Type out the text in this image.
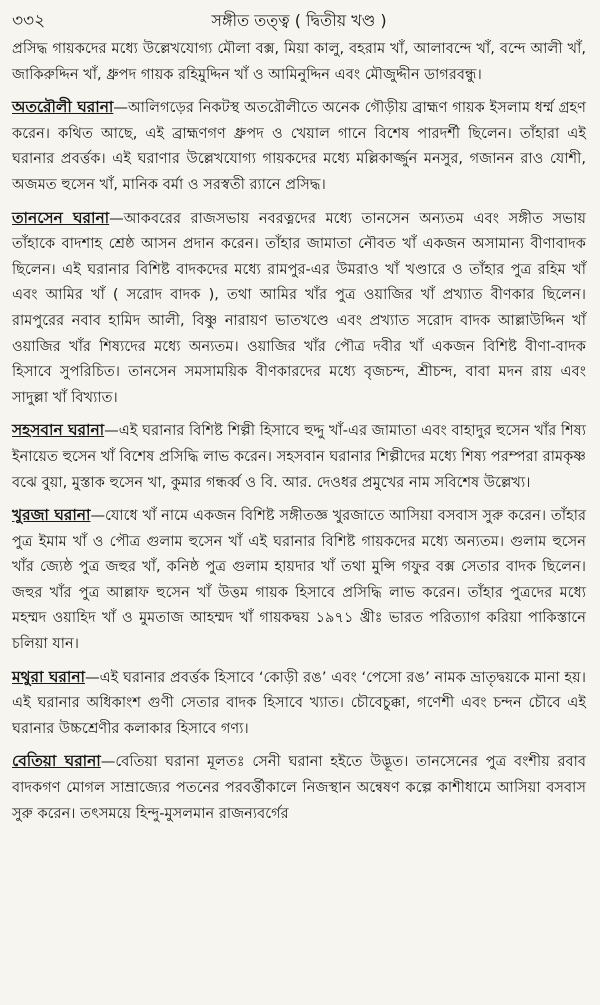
৩৩২	সঙ্গীত তত্ত্ব ( দ্বিতীয় খণ্ড )

প্রসিদ্ধ গায়কদের মধ্যে উল্লেখযোগ্য মৌলা বক্স, মিয়া কালু, বহরাম খাঁ, আলাবন্দে খাঁ, বন্দে আলী খাঁ, জাকিরুদ্দিন খাঁ, ধ্রুপদ গায়ক রহিমুদ্দিন খাঁ ও আমিনুদ্দিন এবং মৌজুদ্দীন ডাগরবন্ধু।

অতরৌলী ঘরানা—আলিগড়ের নিকটস্থ অতরৌলীতে অনেক গৌড়ীয় ব্রাহ্মণ গায়ক ইসলাম ধর্ম্ম গ্রহণ করেন। কথিত আছে, এই ব্রাহ্মণগণ ধ্রুপদ ও খেয়াল গানে বিশেষ পারদর্শী ছিলেন। তাঁহারা এই ঘরানার প্রবর্ত্তক। এই ঘরাণার উল্লেখযোগ্য গায়কদের মধ্যে মল্লিকার্জ্জুন মনসুর, গজানন রাও যোশী, অজমত হুসেন খাঁ, মানিক বর্মা ও সরস্বতী র‍্যানে প্রসিদ্ধ।

তানসেন ঘরানা—আকবরের রাজসভায় নবরত্নদের মধ্যে তানসেন অন্যতম এবং সঙ্গীত সভায় তাঁহাকে বাদশাহ শ্রেষ্ঠ আসন প্রদান করেন। তাঁহার জামাতা নৌবত খাঁ একজন অসামান্য বীণাবাদক ছিলেন। এই ঘরানার বিশিষ্ট বাদকদের মধ্যে রামপুর-এর উমরাও খাঁ খণ্ডারে ও তাঁহার পুত্র রহিম খাঁ এবং আমির খাঁ ( সরোদ বাদক ), তথা আমির খাঁর পুত্র ওয়াজির খাঁ প্রখ্যাত বীণকার ছিলেন। রামপুরের নবাব হামিদ আলী, বিষ্ণু নারায়ণ ভাতখণ্ডে এবং প্রখ্যাত সরোদ বাদক আল্লাউদ্দিন খাঁ ওয়াজির খাঁর শিষ্যদের মধ্যে অন্যতম। ওয়াজির খাঁর পৌত্র দবীর খাঁ একজন বিশিষ্ট বীণা-বাদক হিসাবে সুপরিচিত। তানসেন সমসাময়িক বীণকারদের মধ্যে বৃজচন্দ, শ্রীচন্দ, বাবা মদন রায় এবং সাদুল্লা খাঁ বিখ্যাত।

সহসবান ঘরানা—এই ঘরানার বিশিষ্ট শিল্পী হিসাবে হুদ্দু খাঁ-এর জামাতা এবং বাহাদুর হুসেন খাঁর শিষ্য ইনায়েত হুসেন খাঁ বিশেষ প্রসিদ্ধি লাভ করেন। সহসবান ঘরানার শিল্পীদের মধ্যে শিষ্য পরম্পরা রামকৃষ্ণ বঝে বুয়া, মুস্তাক হুসেন খা, কুমার গন্ধর্ব্ব ও বি. আর. দেওধর প্রমুখের নাম সবিশেষ উল্লেখ্য।

খুরজা ঘরানা—যোধে খাঁ নামে একজন বিশিষ্ট সঙ্গীতজ্ঞ খুরজাতে আসিয়া বসবাস সুরু করেন। তাঁহার পুত্র ইমাম খাঁ ও পৌত্র গুলাম হুসেন খাঁ এই ঘরানার বিশিষ্ট গায়কদের মধ্যে অন্যতম। গুলাম হুসেন খাঁর জ্যেষ্ঠ পুত্র জহুর খাঁ, কনিষ্ঠ পুত্র গুলাম হায়দার খাঁ তথা মুন্সি গফুর বক্স সেতার বাদক ছিলেন। জহুর খাঁর পুত্র আল্লাফ হুসেন খাঁ উত্তম গায়ক হিসাবে প্রসিদ্ধি লাভ করেন। তাঁহার পুত্রদের মধ্যে মহম্মদ ওয়াহিদ খাঁ ও মুমতাজ আহম্মদ খাঁ গায়কদ্বয় ১৯৭১ খ্রীঃ ভারত পরিত্যাগ করিয়া পাকিস্তানে চলিয়া যান।

মথুরা ঘরানা—এই ঘরানার প্রবর্ত্তক হিসাবে ‘কোড়ী রঙ’ এবং ‘পেসো রঙ’ নামক ভ্রাতৃদ্বয়কে মানা হয়। এই ঘরানার অধিকাংশ গুণী সেতার বাদক হিসাবে খ্যাত। চৌবেচুক্কা, গণেশী এবং চন্দন চৌবে এই ঘরানার উচ্চশ্রেণীর কলাকার হিসাবে গণ্য।

বেতিয়া ঘরানা—বেতিয়া ঘরানা মূলতঃ সেনী ঘরানা হইতে উদ্ভূত। তানসেনের পুত্র বংশীয় রবাব বাদকগণ মোগল সাম্রাজ্যের পতনের পরবর্ত্তীকালে নিজস্থান অন্বেষণ কল্পে কাশীধামে আসিয়া বসবাস সুরু করেন। তৎসময়ে হিন্দু-মুসলমান রাজন্যবর্গের
